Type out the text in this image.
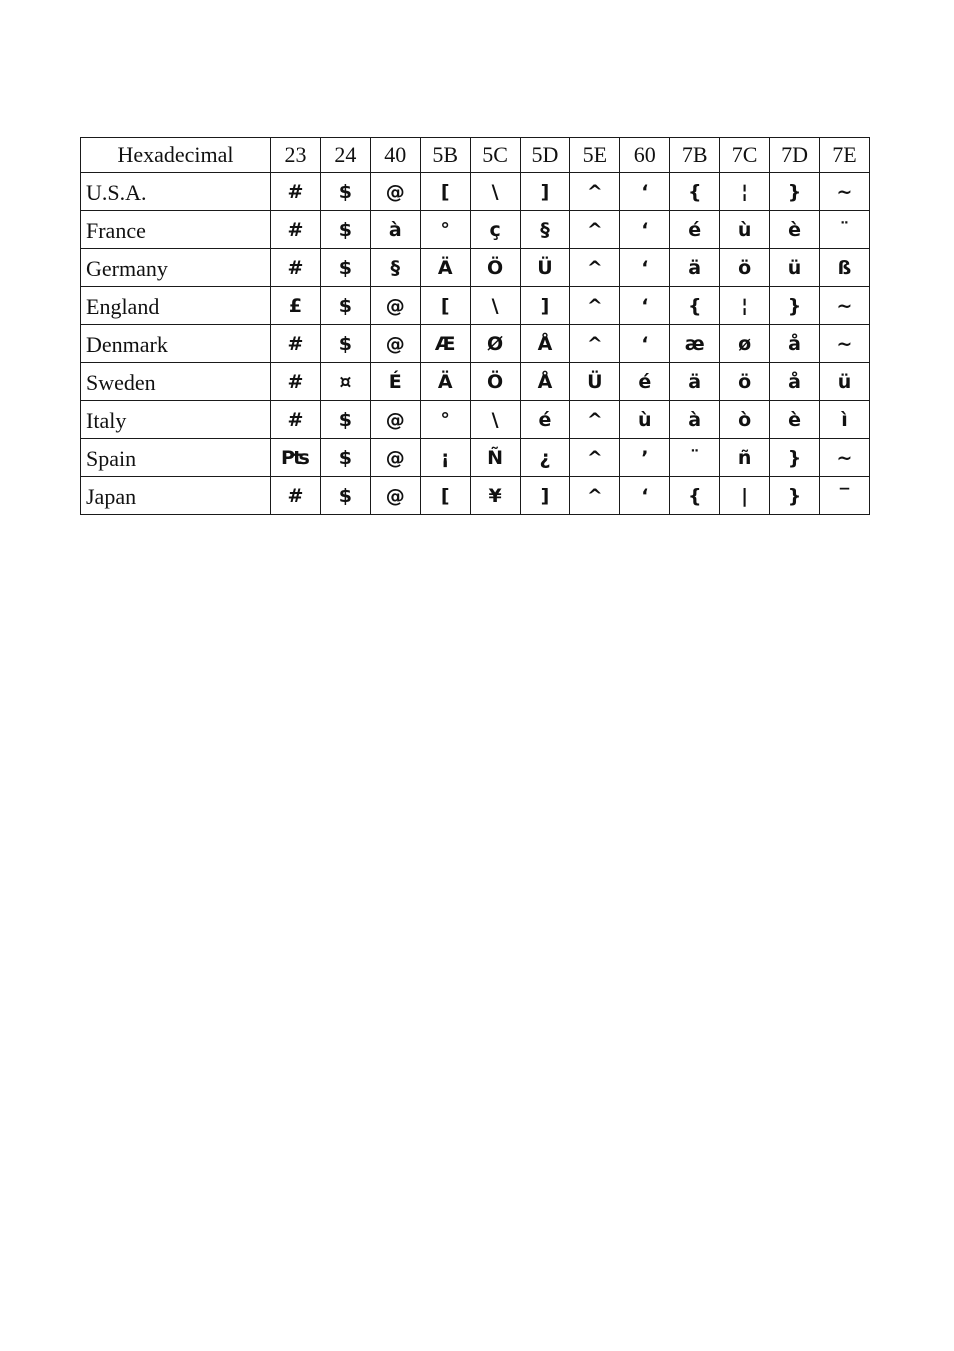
Hexadecimal	23	24	40	5B	5C	5D	5E	60	7B	7C	7D	7E
U.S.A.	#	$	@	[	\	]	^	‘	{	¦	}	~
France	#	$	à	°	ç	§	^	‘	é	ù	è	¨
Germany	#	$	§	Ä	Ö	Ü	^	‘	ä	ö	ü	ß
England	£	$	@	[	\	]	^	‘	{	¦	}	~
Denmark	#	$	@	Æ	Ø	Å	^	‘	æ	ø	å	~
Sweden	#	¤	É	Ä	Ö	Å	Ü	é	ä	ö	å	ü
Italy	#	$	@	°	\	é	^	ù	à	ò	è	ì
Spain	₧	$	@	¡	Ñ	¿	^	’	¨	ñ	}	~
Japan	#	$	@	[	¥	]	^	‘	{	|	}	‾
